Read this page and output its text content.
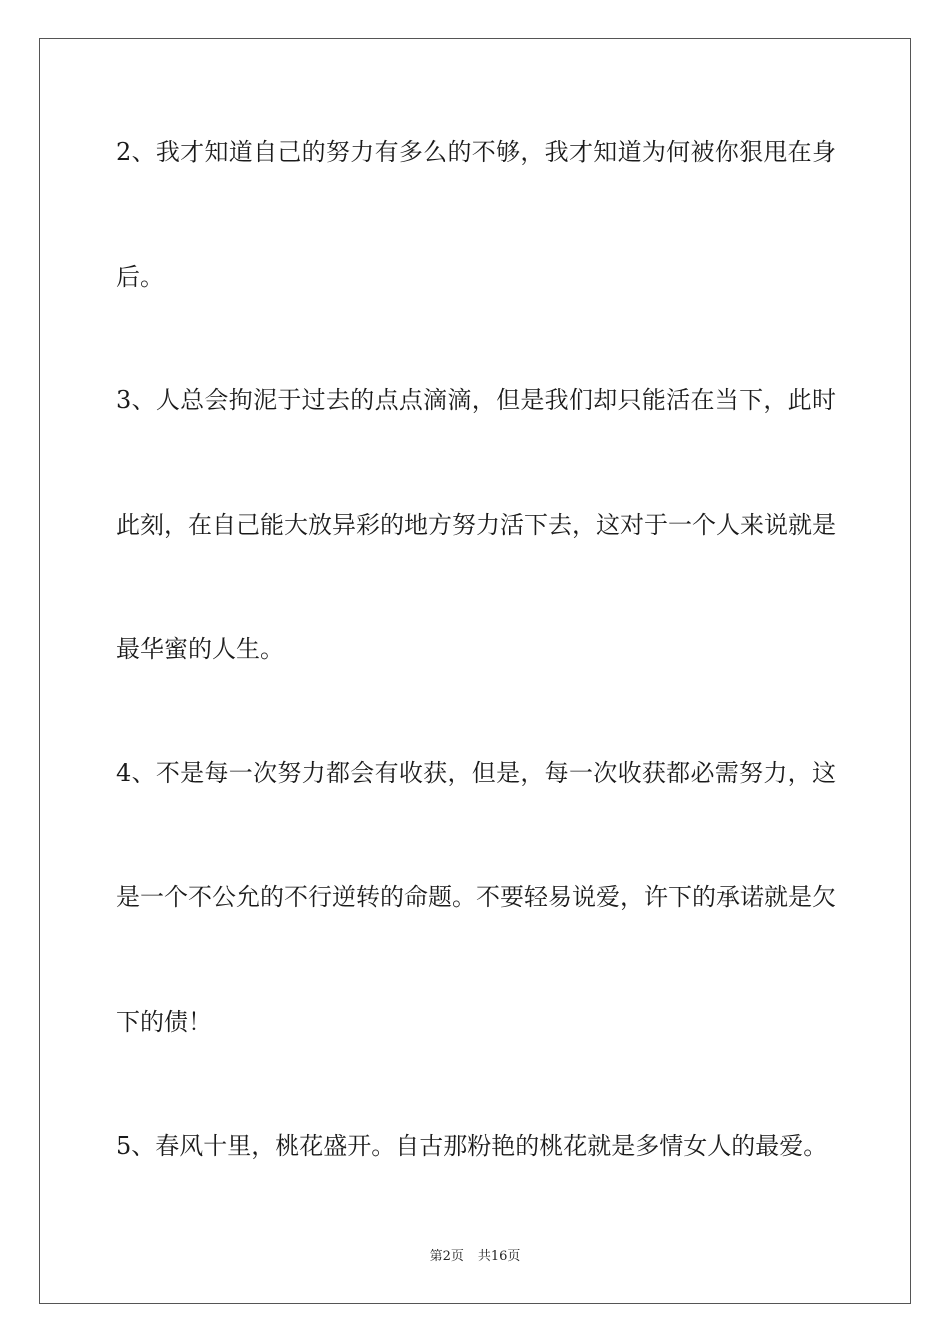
2、我才知道自己的努力有多么的不够，我才知道为何被你狠甩在身
后。
3、人总会拘泥于过去的点点滴滴，但是我们却只能活在当下，此时
此刻，在自己能大放异彩的地方努力活下去，这对于一个人来说就是
最华蜜的人生。
4、不是每一次努力都会有收获，但是，每一次收获都必需努力，这
是一个不公允的不行逆转的命题。不要轻易说爱，许下的承诺就是欠
下的债！
5、春风十里，桃花盛开。自古那粉艳的桃花就是多情女人的最爱。
第2页 共16页
